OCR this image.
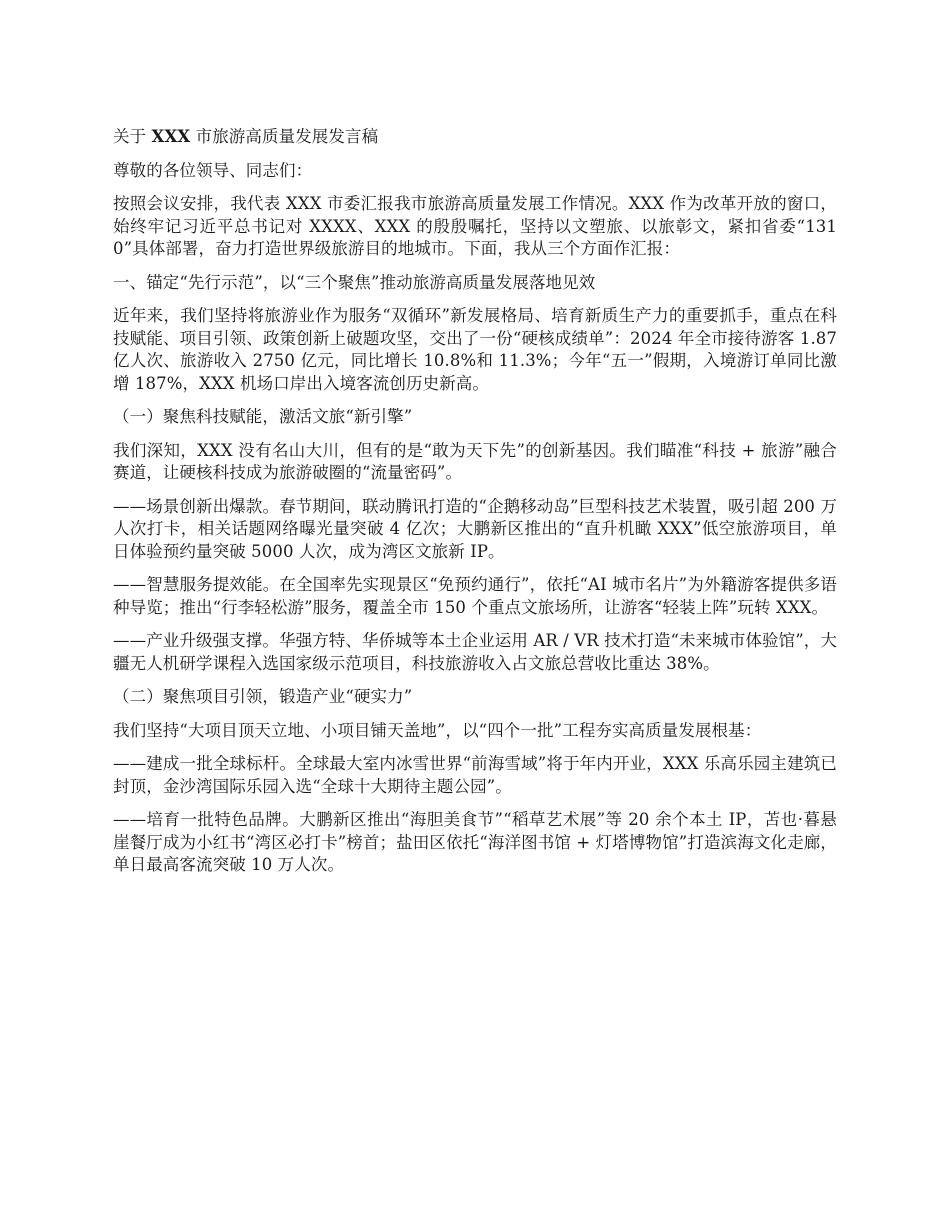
关于 XXX 市旅游高质量发展发言稿

尊敬的各位领导、同志们：

按照会议安排，我代表 XXX 市委汇报我市旅游高质量发展工作情况。XXX 作为改革开放的窗口，始终牢记习近平总书记对 XXXX、XXX 的殷殷嘱托，坚持以文塑旅、以旅彰文，紧扣省委“1310”具体部署，奋力打造世界级旅游目的地城市。下面，我从三个方面作汇报：

一、锚定“先行示范”，以“三个聚焦”推动旅游高质量发展落地见效

近年来，我们坚持将旅游业作为服务“双循环”新发展格局、培育新质生产力的重要抓手，重点在科技赋能、项目引领、政策创新上破题攻坚，交出了一份“硬核成绩单”：2024 年全市接待游客 1.87 亿人次、旅游收入 2750 亿元，同比增长 10.8%和 11.3%；今年“五一”假期，入境游订单同比激增 187%，XXX 机场口岸出入境客流创历史新高。

（一）聚焦科技赋能，激活文旅“新引擎”

我们深知，XXX 没有名山大川，但有的是“敢为天下先”的创新基因。我们瞄准“科技 + 旅游”融合赛道，让硬核科技成为旅游破圈的“流量密码”。

——场景创新出爆款。春节期间，联动腾讯打造的“企鹅移动岛”巨型科技艺术装置，吸引超 200 万人次打卡，相关话题网络曝光量突破 4 亿次；大鹏新区推出的“直升机瞰 XXX”低空旅游项目，单日体验预约量突破 5000 人次，成为湾区文旅新 IP。

——智慧服务提效能。在全国率先实现景区“免预约通行”，依托“AI 城市名片”为外籍游客提供多语种导览；推出“行李轻松游”服务，覆盖全市 150 个重点文旅场所，让游客“轻装上阵”玩转 XXX。

——产业升级强支撑。华强方特、华侨城等本土企业运用 AR / VR 技术打造“未来城市体验馆”，大疆无人机研学课程入选国家级示范项目，科技旅游收入占文旅总营收比重达 38%。

（二）聚焦项目引领，锻造产业“硬实力”

我们坚持“大项目顶天立地、小项目铺天盖地”，以“四个一批”工程夯实高质量发展根基：

——建成一批全球标杆。全球最大室内冰雪世界“前海雪域”将于年内开业，XXX 乐高乐园主建筑已封顶，金沙湾国际乐园入选“全球十大期待主题公园”。

——培育一批特色品牌。大鹏新区推出“海胆美食节”“稻草艺术展”等 20 余个本土 IP，苫也·暮悬崖餐厅成为小红书“湾区必打卡”榜首；盐田区依托“海洋图书馆 + 灯塔博物馆”打造滨海文化走廊，单日最高客流突破 10 万人次。
